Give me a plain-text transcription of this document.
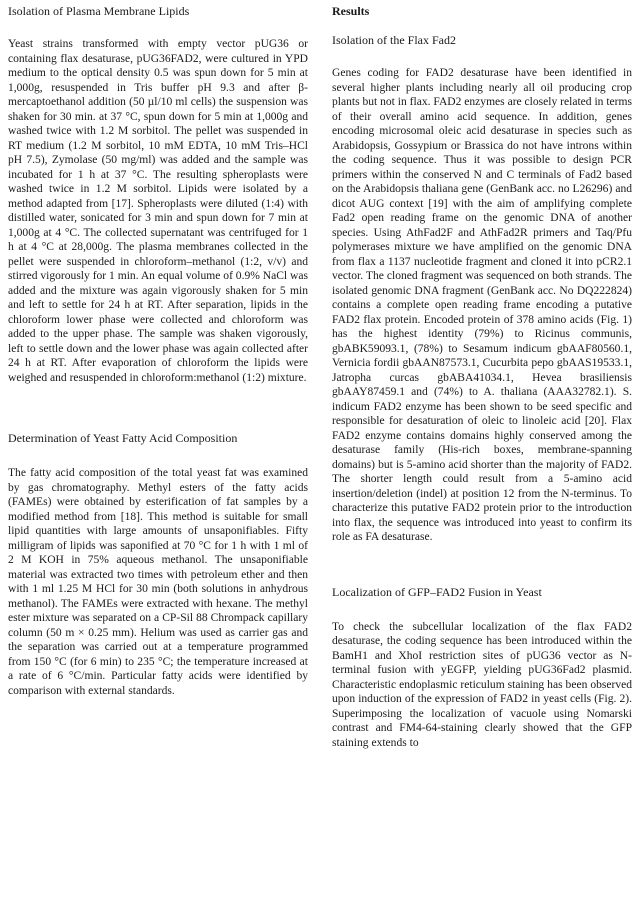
Isolation of Plasma Membrane Lipids

Yeast strains transformed with empty vector pUG36 or containing flax desaturase, pUG36FAD2, were cultured in YPD medium to the optical density 0.5 was spun down for 5 min at 1,000g, resuspended in Tris buffer pH 9.3 and after β-mercaptoethanol addition (50 µl/10 ml cells) the suspension was shaken for 30 min. at 37 °C, spun down for 5 min at 1,000g and washed twice with 1.2 M sorbitol. The pellet was suspended in RT medium (1.2 M sorbitol, 10 mM EDTA, 10 mM Tris–HCl pH 7.5), Zymolase (50 mg/ml) was added and the sample was incubated for 1 h at 37 °C. The resulting spheroplasts were washed twice in 1.2 M sorbitol. Lipids were isolated by a method adapted from [17]. Spheroplasts were diluted (1:4) with distilled water, sonicated for 3 min and spun down for 7 min at 1,000g at 4 °C. The collected supernatant was centrifuged for 1 h at 4 °C at 28,000g. The plasma membranes collected in the pellet were suspended in chloroform–methanol (1:2, v/v) and stirred vigorously for 1 min. An equal volume of 0.9% NaCl was added and the mixture was again vigorously shaken for 5 min and left to settle for 24 h at RT. After separation, lipids in the chloroform lower phase were collected and chloroform was added to the upper phase. The sample was shaken vigorously, left to settle down and the lower phase was again collected after 24 h at RT. After evaporation of chloroform the lipids were weighed and resuspended in chloroform:methanol (1:2) mixture.

Determination of Yeast Fatty Acid Composition

The fatty acid composition of the total yeast fat was examined by gas chromatography. Methyl esters of the fatty acids (FAMEs) were obtained by esterification of fat samples by a modified method from [18]. This method is suitable for small lipid quantities with large amounts of unsaponifiables. Fifty milligram of lipids was saponified at 70 °C for 1 h with 1 ml of 2 M KOH in 75% aqueous methanol. The unsaponifiable material was extracted two times with petroleum ether and then with 1 ml 1.25 M HCl for 30 min (both solutions in anhydrous methanol). The FAMEs were extracted with hexane. The methyl ester mixture was separated on a CP-Sil 88 Chrompack capillary column (50 m × 0.25 mm). Helium was used as carrier gas and the separation was carried out at a temperature programmed from 150 °C (for 6 min) to 235 °C; the temperature increased at a rate of 6 °C/min. Particular fatty acids were identified by comparison with external standards.

Results
Isolation of the Flax Fad2

Genes coding for FAD2 desaturase have been identified in several higher plants including nearly all oil producing crop plants but not in flax. FAD2 enzymes are closely related in terms of their overall amino acid sequence. In addition, genes encoding microsomal oleic acid desaturase in species such as Arabidopsis, Gossypium or Brassica do not have introns within the coding sequence. Thus it was possible to design PCR primers within the conserved N and C terminals of Fad2 based on the Arabidopsis thaliana gene (GenBank acc. no L26296) and dicot AUG context [19] with the aim of amplifying complete Fad2 open reading frame on the genomic DNA of another species. Using AthFad2F and AthFad2R primers and Taq/Pfu polymerases mixture we have amplified on the genomic DNA from flax a 1137 nucleotide fragment and cloned it into pCR2.1 vector. The cloned fragment was sequenced on both strands. The isolated genomic DNA fragment (GenBank acc. No DQ222824) contains a complete open reading frame encoding a putative FAD2 flax protein. Encoded protein of 378 amino acids (Fig. 1) has the highest identity (79%) to Ricinus communis, gbABK59093.1, (78%) to Sesamum indicum gbAAF80560.1, Vernicia fordii gbAAN87573.1, Cucurbita pepo gbAAS19533.1, Jatropha curcas gbABA41034.1, Hevea brasiliensis gbAAY87459.1 and (74%) to A. thaliana (AAA32782.1). S. indicum FAD2 enzyme has been shown to be seed specific and responsible for desaturation of oleic to linoleic acid [20]. Flax FAD2 enzyme contains domains highly conserved among the desaturase family (His-rich boxes, membrane-spanning domains) but is 5-amino acid shorter than the majority of FAD2. The shorter length could result from a 5-amino acid insertion/deletion (indel) at position 12 from the N-terminus. To characterize this putative FAD2 protein prior to the introduction into flax, the sequence was introduced into yeast to confirm its role as FA desaturase.

Localization of GFP–FAD2 Fusion in Yeast

To check the subcellular localization of the flax FAD2 desaturase, the coding sequence has been introduced within the BamH1 and XhoI restriction sites of pUG36 vector as N-terminal fusion with yEGFP, yielding pUG36Fad2 plasmid. Characteristic endoplasmic reticulum staining has been observed upon induction of the expression of FAD2 in yeast cells (Fig. 2). Superimposing the localization of vacuole using Nomarski contrast and FM4-64-staining clearly showed that the GFP staining extends to
